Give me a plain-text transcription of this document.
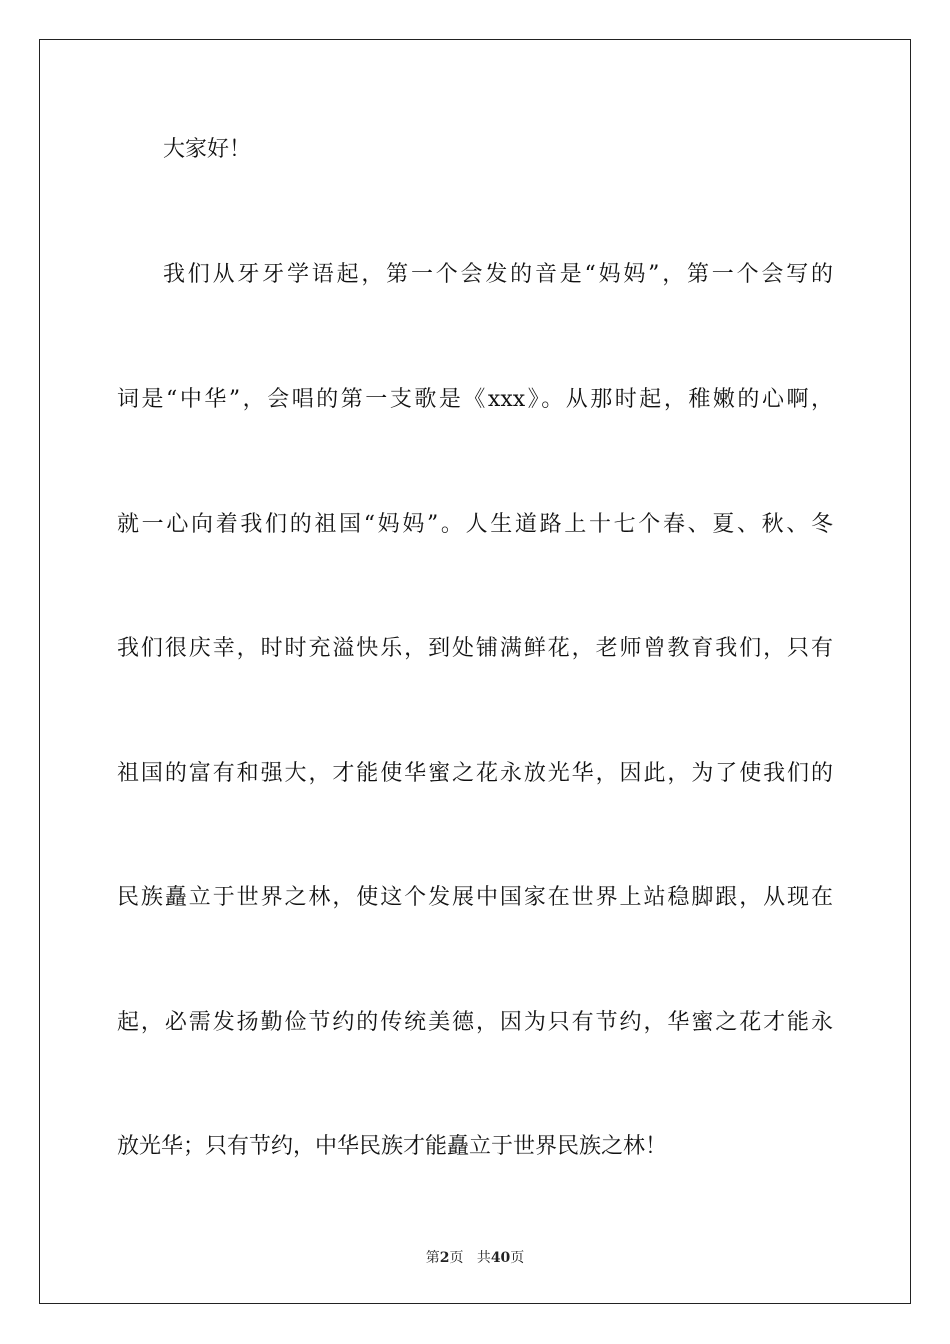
大家好！
我们从牙牙学语起，第一个会发的音是“妈妈”，第一个会写的
词是“中华”，会唱的第一支歌是《xxx》。从那时起，稚嫩的心啊，
就一心向着我们的祖国“妈妈”。人生道路上十七个春、夏、秋、冬
我们很庆幸，时时充溢快乐，到处铺满鲜花，老师曾教育我们，只有
祖国的富有和强大，才能使华蜜之花永放光华，因此，为了使我们的
民族矗立于世界之林，使这个发展中国家在世界上站稳脚跟，从现在
起，必需发扬勤俭节约的传统美德，因为只有节约，华蜜之花才能永
放光华；只有节约，中华民族才能矗立于世界民族之林！
第2页 共40页
